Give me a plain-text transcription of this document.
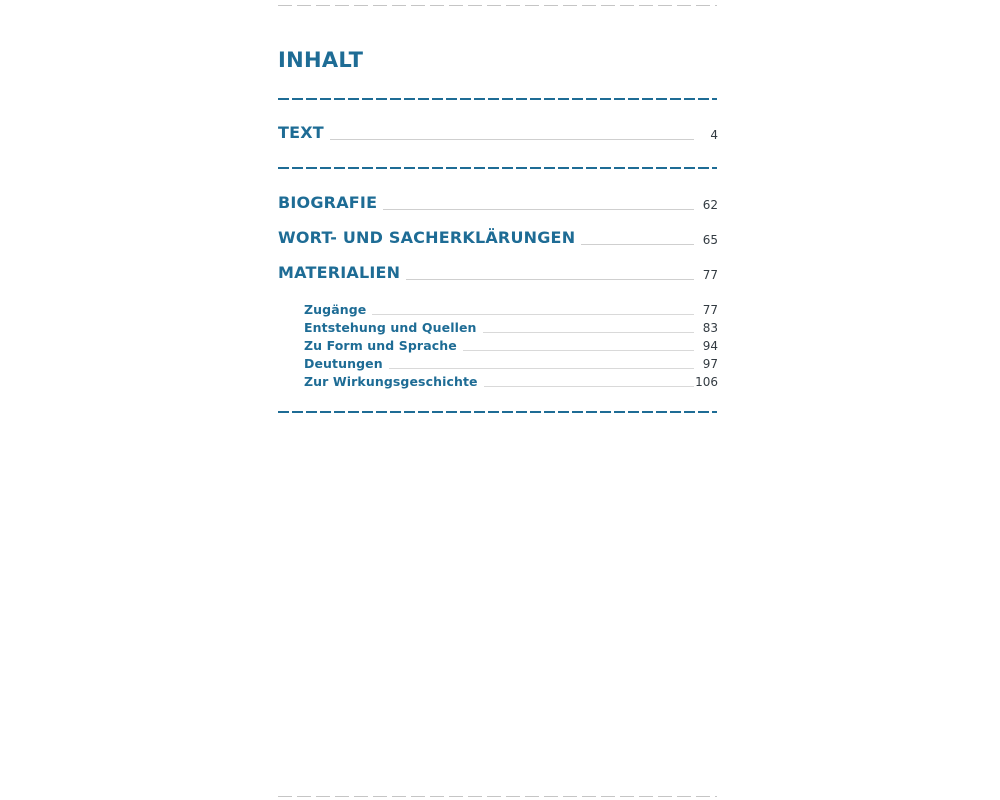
INHALT
TEXT	4
BIOGRAFIE	62
WORT- UND SACHERKLÄRUNGEN	65
MATERIALIEN	77
Zugänge	77
Entstehung und Quellen	83
Zu Form und Sprache	94
Deutungen	97
Zur Wirkungsgeschichte	106
